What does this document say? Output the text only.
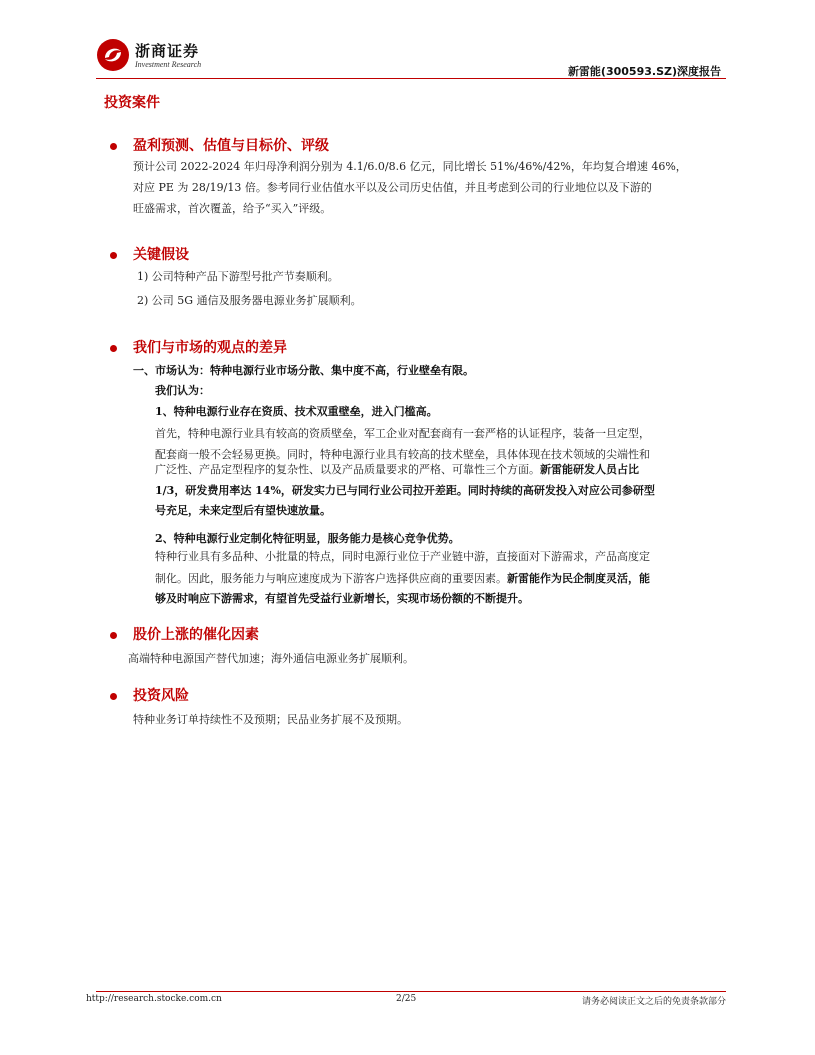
浙商证券
Investment Research
新雷能(300593.SZ)深度报告
投资案件
盈利预测、估值与目标价、评级
预计公司 2022-2024 年归母净利润分别为 4.1/6.0/8.6 亿元，同比增长 51%/46%/42%，年均复合增速 46%，
对应 PE 为 28/19/13 倍。参考同行业估值水平以及公司历史估值，并且考虑到公司的行业地位以及下游的
旺盛需求，首次覆盖，给予“买入”评级。
关键假设
1) 公司特种产品下游型号批产节奏顺利。
2) 公司 5G 通信及服务器电源业务扩展顺利。
我们与市场的观点的差异
一、市场认为：特种电源行业市场分散、集中度不高，行业壁垒有限。
我们认为：
1、特种电源行业存在资质、技术双重壁垒，进入门槛高。
首先，特种电源行业具有较高的资质壁垒，军工企业对配套商有一套严格的认证程序，装备一旦定型，
配套商一般不会轻易更换。同时，特种电源行业具有较高的技术壁垒，具体体现在技术领域的尖端性和
广泛性、产品定型程序的复杂性、以及产品质量要求的严格、可靠性三个方面。新雷能研发人员占比
1/3，研发费用率达 14%，研发实力已与同行业公司拉开差距。同时持续的高研发投入对应公司参研型
号充足，未来定型后有望快速放量。
2、特种电源行业定制化特征明显，服务能力是核心竞争优势。
特种行业具有多品种、小批量的特点，同时电源行业位于产业链中游，直接面对下游需求，产品高度定
制化。因此，服务能力与响应速度成为下游客户选择供应商的重要因素。新雷能作为民企制度灵活，能
够及时响应下游需求，有望首先受益行业新增长，实现市场份额的不断提升。
股价上涨的催化因素
高端特种电源国产替代加速；海外通信电源业务扩展顺利。
投资风险
特种业务订单持续性不及预期；民品业务扩展不及预期。
http://research.stocke.com.cn	2/25	请务必阅读正文之后的免责条款部分
